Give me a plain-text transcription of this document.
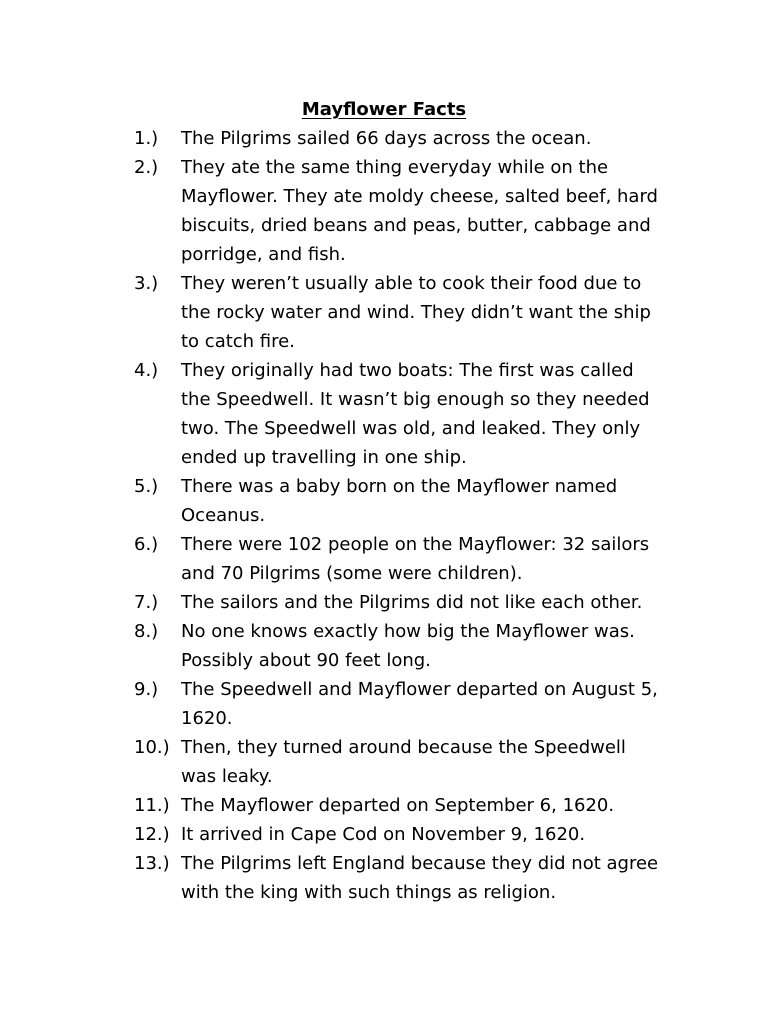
Mayflower Facts
1.)	The Pilgrims sailed 66 days across the ocean.
2.)	They ate the same thing everyday while on the Mayflower. They ate moldy cheese, salted beef, hard biscuits, dried beans and peas, butter, cabbage and porridge, and fish.
3.)	They weren’t usually able to cook their food due to the rocky water and wind. They didn’t want the ship to catch fire.
4.)	They originally had two boats: The first was called the Speedwell. It wasn’t big enough so they needed two. The Speedwell was old, and leaked. They only ended up travelling in one ship.
5.)	There was a baby born on the Mayflower named Oceanus.
6.)	There were 102 people on the Mayflower: 32 sailors and 70 Pilgrims (some were children).
7.)	The sailors and the Pilgrims did not like each other.
8.)	No one knows exactly how big the Mayflower was. Possibly about 90 feet long.
9.)	The Speedwell and Mayflower departed on August 5, 1620.
10.) Then, they turned around because the Speedwell was leaky.
11.) The Mayflower departed on September 6, 1620.
12.) It arrived in Cape Cod on November 9, 1620.
13.) The Pilgrims left England because they did not agree with the king with such things as religion.
